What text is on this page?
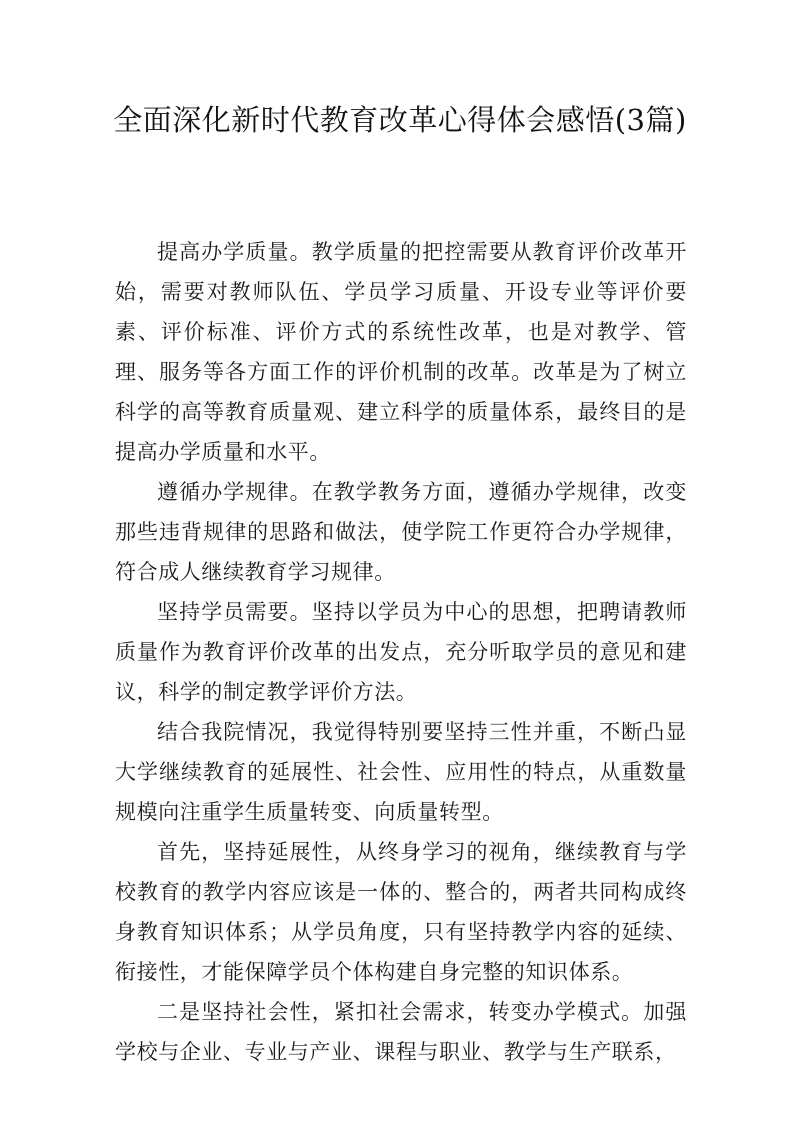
全面深化新时代教育改革心得体会感悟(3篇)

提高办学质量。教学质量的把控需要从教育评价改革开始，需要对教师队伍、学员学习质量、开设专业等评价要素、评价标准、评价方式的系统性改革，也是对教学、管理、服务等各方面工作的评价机制的改革。改革是为了树立科学的高等教育质量观、建立科学的质量体系，最终目的是提高办学质量和水平。

遵循办学规律。在教学教务方面，遵循办学规律，改变那些违背规律的思路和做法，使学院工作更符合办学规律，符合成人继续教育学习规律。

坚持学员需要。坚持以学员为中心的思想，把聘请教师质量作为教育评价改革的出发点，充分听取学员的意见和建议，科学的制定教学评价方法。

结合我院情况，我觉得特别要坚持三性并重，不断凸显大学继续教育的延展性、社会性、应用性的特点，从重数量规模向注重学生质量转变、向质量转型。

首先，坚持延展性，从终身学习的视角，继续教育与学校教育的教学内容应该是一体的、整合的，两者共同构成终身教育知识体系；从学员角度，只有坚持教学内容的延续、衔接性，才能保障学员个体构建自身完整的知识体系。

二是坚持社会性，紧扣社会需求，转变办学模式。加强学校与企业、专业与产业、课程与职业、教学与生产联系，
